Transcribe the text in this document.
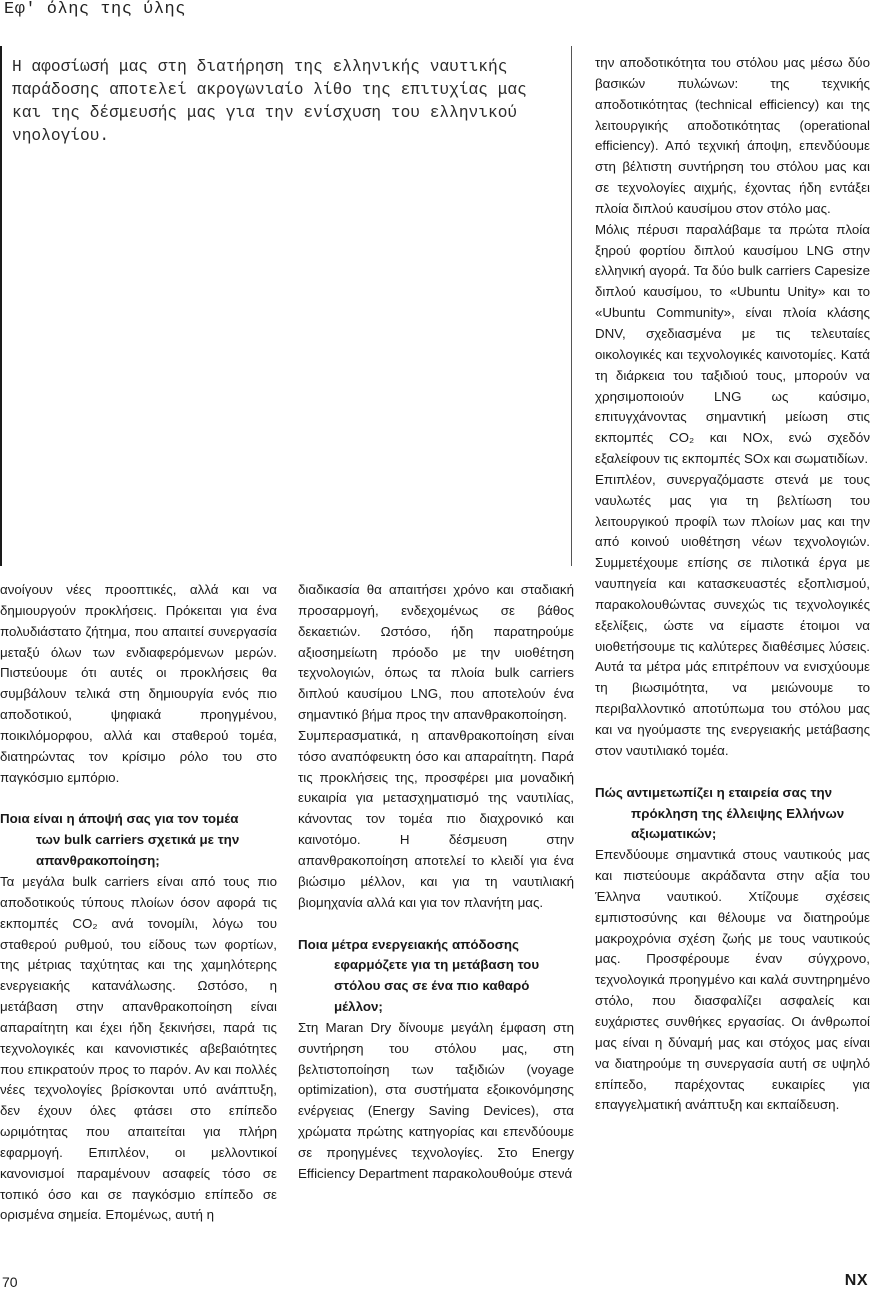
Εφ' όλης της ύλης

Η αφοσίωσή μας στη διατήρηση της ελληνικής ναυτικής
παράδοσης αποτελεί ακρογωνιαίο λίθο της επιτυχίας μας
και της δέσμευσής μας για την ενίσχυση του ελληνικού
νηολογίου.

ανοίγουν νέες προοπτικές, αλλά και να δημιουργούν προκλήσεις. Πρόκειται για ένα πολυδιάστατο ζήτημα, που απαιτεί συνεργασία μεταξύ όλων των ενδιαφερόμενων μερών. Πιστεύουμε ότι αυτές οι προκλήσεις θα συμβάλουν τελικά στη δημιουργία ενός πιο αποδοτικού, ψηφιακά προηγμένου, ποικιλόμορφου, αλλά και σταθερού τομέα, διατηρώντας τον κρίσιμο ρόλο του στο παγκόσμιο εμπόριο.

Ποια είναι η άποψή σας για τον τομέα
των bulk carriers σχετικά με την απανθρακοποίηση;

Τα μεγάλα bulk carriers είναι από τους πιο αποδοτικούς τύπους πλοίων όσον αφορά τις εκπομπές CO₂ ανά τονομίλι, λόγω του σταθερού ρυθμού, του είδους των φορτίων, της μέτριας ταχύτητας και της χαμηλότερης ενεργειακής κατανάλωσης. Ωστόσο, η μετάβαση στην απανθρακοποίηση είναι απαραίτητη και έχει ήδη ξεκινήσει, παρά τις τεχνολογικές και κανονιστικές αβεβαιότητες που επικρατούν προς το παρόν. Αν και πολλές νέες τεχνολογίες βρίσκονται υπό ανάπτυξη, δεν έχουν όλες φτάσει στο επίπεδο ωριμότητας που απαιτείται για πλήρη εφαρμογή. Επιπλέον, οι μελλοντικοί κανονισμοί παραμένουν ασαφείς τόσο σε τοπικό όσο και σε παγκόσμιο επίπεδο σε ορισμένα σημεία. Επομένως, αυτή η

διαδικασία θα απαιτήσει χρόνο και σταδιακή προσαρμογή, ενδεχομένως σε βάθος δεκαετιών. Ωστόσο, ήδη παρατηρούμε αξιοσημείωτη πρόοδο με την υιοθέτηση τεχνολογιών, όπως τα πλοία bulk carriers διπλού καυσίμου LNG, που αποτελούν ένα σημαντικό βήμα προς την απανθρακοποίηση.

Συμπερασματικά, η απανθρακοποίηση είναι τόσο αναπόφευκτη όσο και απαραίτητη. Παρά τις προκλήσεις της, προσφέρει μια μοναδική ευκαιρία για μετασχηματισμό της ναυτιλίας, κάνοντας τον τομέα πιο διαχρονικό και καινοτόμο. Η δέσμευση στην απανθρακοποίηση αποτελεί το κλειδί για ένα βιώσιμο μέλλον, και για τη ναυτιλιακή βιομηχανία αλλά και για τον πλανήτη μας.

Ποια μέτρα ενεργειακής απόδοσης
εφαρμόζετε για τη μετάβαση του στόλου σας σε ένα πιο καθαρό μέλλον;

Στη Maran Dry δίνουμε μεγάλη έμφαση στη συντήρηση του στόλου μας, στη βελτιστοποίηση των ταξιδιών (voyage optimization), στα συστήματα εξοικονόμησης ενέργειας (Energy Saving Devices), στα χρώματα πρώτης κατηγορίας και επενδύουμε σε προηγμένες τεχνολογίες. Στο Energy Efficiency Department παρακολουθούμε στενά

την αποδοτικότητα του στόλου μας μέσω δύο βασικών πυλώνων: της τεχνικής αποδοτικότητας (technical efficiency) και της λειτουργικής αποδοτικότητας (operational efficiency). Από τεχνική άποψη, επενδύουμε στη βέλτιστη συντήρηση του στόλου μας και σε τεχνολογίες αιχμής, έχοντας ήδη εντάξει πλοία διπλού καυσίμου στον στόλο μας.

Μόλις πέρυσι παραλάβαμε τα πρώτα πλοία ξηρού φορτίου διπλού καυσίμου LNG στην ελληνική αγορά. Τα δύο bulk carriers Capesize διπλού καυσίμου, το «Ubuntu Unity» και το «Ubuntu Community», είναι πλοία κλάσης DNV, σχεδιασμένα με τις τελευταίες οικολογικές και τεχνολογικές καινοτομίες. Κατά τη διάρκεια του ταξιδιού τους, μπορούν να χρησιμοποιούν LNG ως καύσιμο, επιτυγχάνοντας σημαντική μείωση στις εκπομπές CO₂ και NOx, ενώ σχεδόν εξαλείφουν τις εκπομπές SOx και σωματιδίων.

Επιπλέον, συνεργαζόμαστε στενά με τους ναυλωτές μας για τη βελτίωση του λειτουργικού προφίλ των πλοίων μας και την από κοινού υιοθέτηση νέων τεχνολογιών. Συμμετέχουμε επίσης σε πιλοτικά έργα με ναυπηγεία και κατασκευαστές εξοπλισμού, παρακολουθώντας συνεχώς τις τεχνολογικές εξελίξεις, ώστε να είμαστε έτοιμοι να υιοθετήσουμε τις καλύτερες διαθέσιμες λύσεις. Αυτά τα μέτρα μάς επιτρέπουν να ενισχύουμε τη βιωσιμότητα, να μειώνουμε το περιβαλλοντικό αποτύπωμα του στόλου μας και να ηγούμαστε της ενεργειακής μετάβασης στον ναυτιλιακό τομέα.

Πώς αντιμετωπίζει η εταιρεία σας την
πρόκληση της έλλειψης Ελλήνων αξιωματικών;

Επενδύουμε σημαντικά στους ναυτικούς μας και πιστεύουμε ακράδαντα στην αξία του Έλληνα ναυτικού. Χτίζουμε σχέσεις εμπιστοσύνης και θέλουμε να διατηρούμε μακροχρόνια σχέση ζωής με τους ναυτικούς μας. Προσφέρουμε έναν σύγχρονο, τεχνολογικά προηγμένο και καλά συντηρημένο στόλο, που διασφαλίζει ασφαλείς και ευχάριστες συνθήκες εργασίας. Οι άνθρωποί μας είναι η δύναμή μας και στόχος μας είναι να διατηρούμε τη συνεργασία αυτή σε υψηλό επίπεδο, παρέχοντας ευκαιρίες για επαγγελματική ανάπτυξη και εκπαίδευση.

70	NX
